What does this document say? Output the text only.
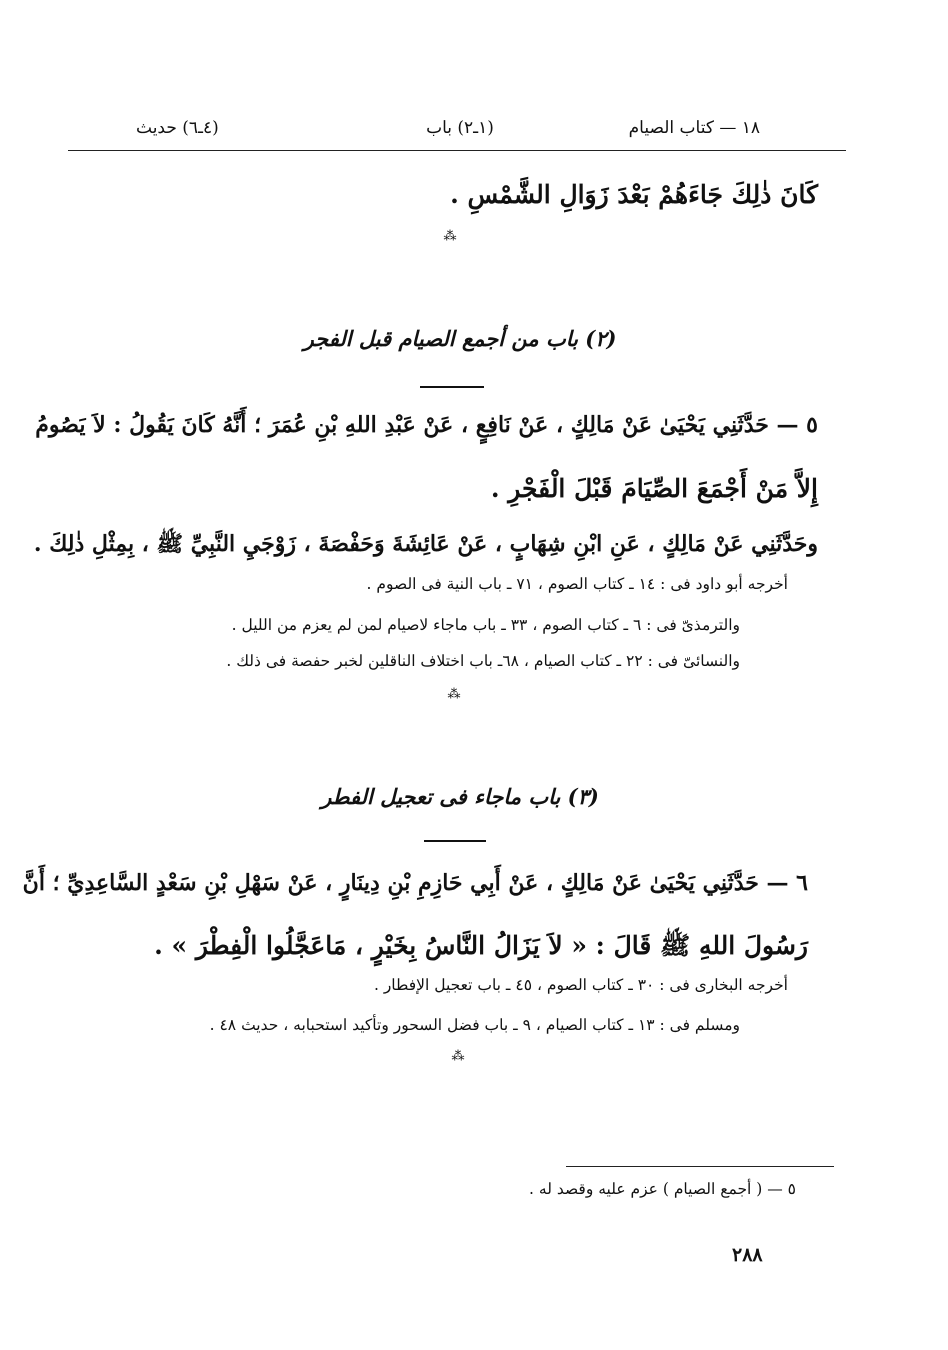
١٨ — كتاب الصيام
(١ـ٢) باب
(٤ـ٦) حديث
كَانَ ذٰلِكَ جَاءَهُمْ بَعْدَ زَوَالِ الشَّمْسِ .
⁂
(٢) باب من أجمع الصيام قبل الفجر
٥ — حَدَّثَنِي يَحْيَىٰ عَنْ مَالِكٍ ، عَنْ نَافِعٍ ، عَنْ عَبْدِ اللهِ بْنِ عُمَرَ ؛ أَنَّهُ كَانَ يَقُولُ : لاَ يَصُومُ
إِلاَّ مَنْ أَجْمَعَ الصِّيَامَ قَبْلَ الْفَجْرِ .
وحَدَّثَنِي عَنْ مَالِكٍ ، عَنِ ابْنِ شِهَابٍ ، عَنْ عَائِشَةَ وَحَفْصَةَ ، زَوْجَيِ النَّبِيِّ ﷺ ، بِمِثْلِ ذٰلِكَ .
أخرجه أبو داود فى : ١٤ ـ كتاب الصوم ، ٧١ ـ باب النية فى الصوم .
والترمذىّ فى : ٦ ـ كتاب الصوم ، ٣٣ ـ باب ماجاء لاصيام لمن لم يعزم من الليل .
والنسائىّ فى : ٢٢ ـ كتاب الصيام ، ٦٨ـ باب اختلاف الناقلين لخبر حفصة فى ذلك .
⁂
(٣) باب ماجاء فى تعجيل الفطر
٦ — حَدَّثَنِي يَحْيَىٰ عَنْ مَالِكٍ ، عَنْ أَبِي حَازِمِ بْنِ دِينَارٍ ، عَنْ سَهْلِ بْنِ سَعْدٍ السَّاعِدِيِّ ؛ أَنَّ
رَسُولَ اللهِ ﷺ قَالَ : « لاَ يَزَالُ النَّاسُ بِخَيْرٍ ، مَاعَجَّلُوا الْفِطْرَ » .
أخرجه البخارى فى : ٣٠ ـ كتاب الصوم ، ٤٥ ـ باب تعجيل الإفطار .
ومسلم فى : ١٣ ـ كتاب الصيام ، ٩ ـ باب فضل السحور وتأكيد استحبابه ، حديث ٤٨ .
⁂
٥ — ( أجمع الصيام ) عزم عليه وقصد له .
٢٨٨
